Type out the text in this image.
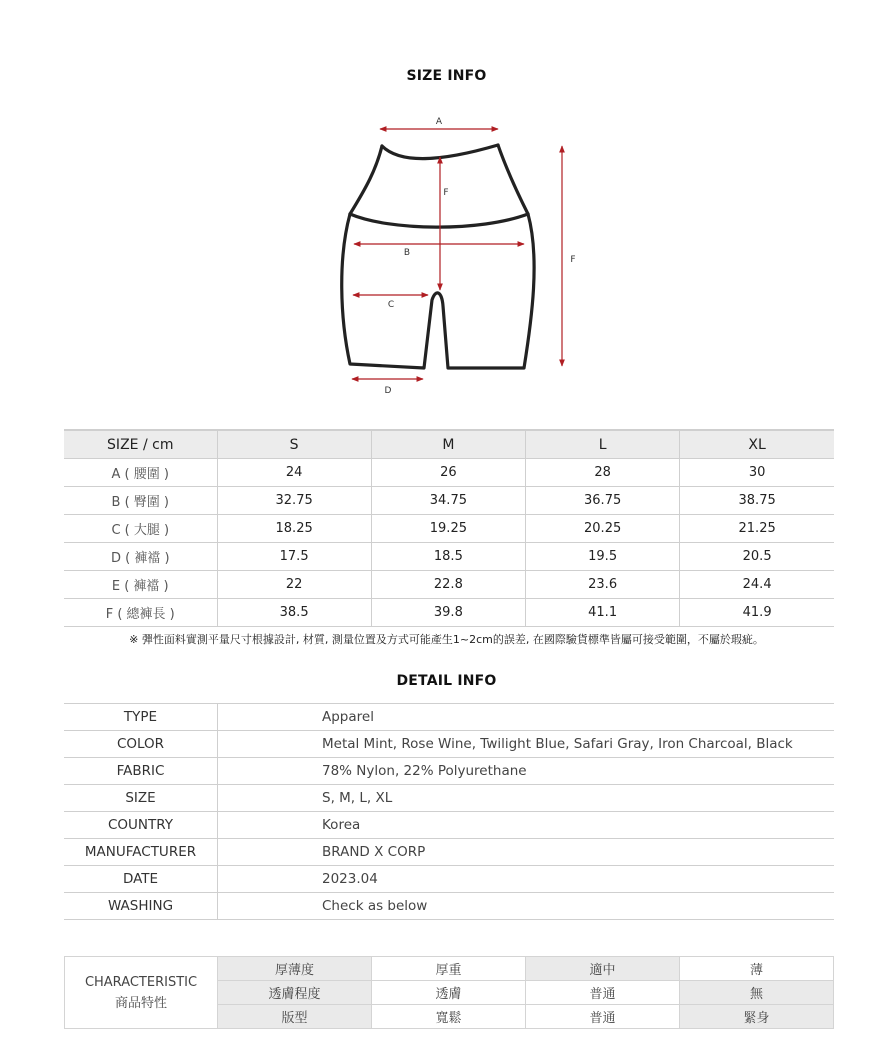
SIZE INFO
A
F
B
C
D
F
SIZE / cm	S	M	L	XL
A ( 腰圍 )	24	26	28	30
B ( 臀圍 )	32.75	34.75	36.75	38.75
C ( 大腿 )	18.25	19.25	20.25	21.25
D ( 褲襠 )	17.5	18.5	19.5	20.5
E ( 褲襠 )	22	22.8	23.6	24.4
F ( 總褲長 )	38.5	39.8	41.1	41.9
※ 彈性面料實測平量尺寸根據設計, 材質, 測量位置及方式可能產生1~2cm的誤差, 在國際驗貨標準皆屬可接受範圍，不屬於瑕疵。
DETAIL INFO
TYPE	Apparel
COLOR	Metal Mint, Rose Wine, Twilight Blue, Safari Gray, Iron Charcoal, Black
FABRIC	78% Nylon, 22% Polyurethane
SIZE	S, M, L, XL
COUNTRY	Korea
MANUFACTURER	BRAND X CORP
DATE	2023.04
WASHING	Check as below
CHARACTERISTIC
商品特性	厚薄度	厚重	適中	薄
	透膚程度	透膚	普通	無
	版型	寬鬆	普通	緊身
